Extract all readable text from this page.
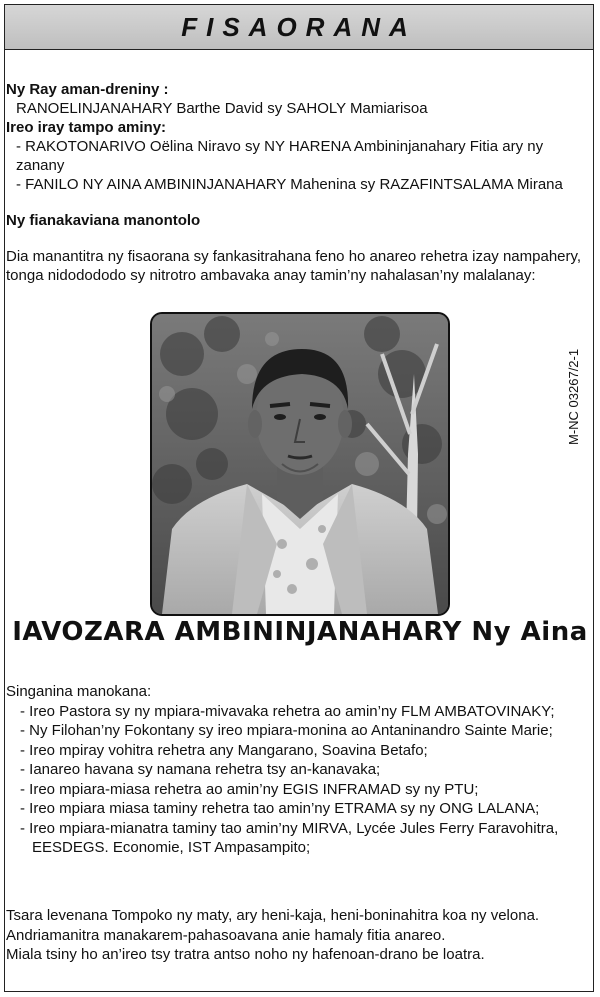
FISAORANA
Ny Ray aman-dreniny :
RANOELINJANAHARY Barthe David sy SAHOLY Mamiarisoa
Ireo iray tampo aminy:
- RAKOTONARIVO Oëlina Niravo sy NY HARENA Ambininjanahary Fitia ary ny zanany
- FANILO NY AINA AMBININJANAHARY Mahenina sy RAZAFINTSALAMA Mirana
Ny fianakaviana manontolo
Dia manantitra ny fisaorana sy fankasitrahana feno ho anareo rehetra izay nampahery,
tonga nidodododo sy nitrotro ambavaka anay tamin’ny nahalasan’ny malalanay:
M-NC 03267/2-1
IAVOZARA AMBININJANAHARY Ny Aina
Singanina manokana:
- Ireo Pastora sy ny mpiara-mivavaka rehetra ao amin’ny FLM AMBATOVINAKY;
- Ny Filohan’ny Fokontany sy ireo mpiara-monina ao Antaninandro Sainte Marie;
- Ireo mpiray vohitra rehetra any Mangarano, Soavina Betafo;
- Ianareo havana sy namana rehetra tsy an-kanavaka;
- Ireo mpiara-miasa rehetra ao amin’ny EGIS INFRAMAD sy ny PTU;
- Ireo mpiara miasa taminy rehetra tao amin’ny ETRAMA sy ny ONG LALANA;
- Ireo mpiara-mianatra taminy tao amin’ny MIRVA, Lycée Jules Ferry Faravohitra,
EESDEGS. Economie, IST Ampasampito;
Tsara levenana Tompoko ny maty, ary heni-kaja, heni-boninahitra koa ny velona.
Andriamanitra manakarem-pahasoavana anie hamaly fitia anareo.
Miala tsiny ho an’ireo tsy tratra antso noho ny hafenoan-drano be loatra.
